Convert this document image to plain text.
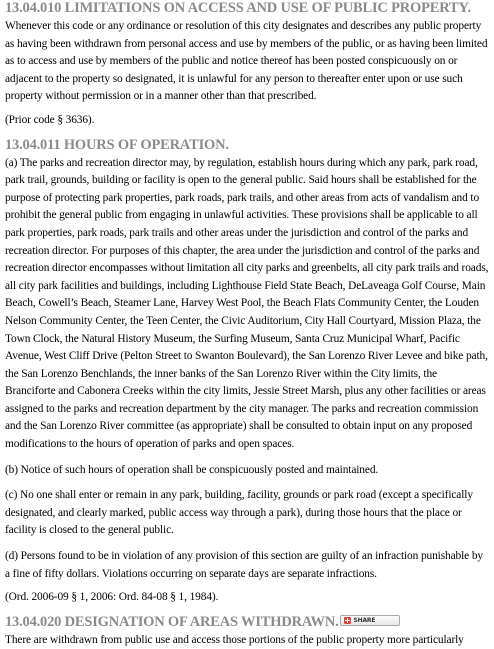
13.04.010 LIMITATIONS ON ACCESS AND USE OF PUBLIC PROPERTY.

Whenever this code or any ordinance or resolution of this city designates and describes any public property as having been withdrawn from personal access and use by members of the public, or as having been limited as to access and use by members of the public and notice thereof has been posted conspicuously on or adjacent to the property so designated, it is unlawful for any person to thereafter enter upon or use such property without permission or in a manner other than that prescribed.

(Prior code § 3636).

13.04.011 HOURS OF OPERATION.

(a) The parks and recreation director may, by regulation, establish hours during which any park, park road, park trail, grounds, building or facility is open to the general public. Said hours shall be established for the purpose of protecting park properties, park roads, park trails, and other areas from acts of vandalism and to prohibit the general public from engaging in unlawful activities. These provisions shall be applicable to all park properties, park roads, park trails and other areas under the jurisdiction and control of the parks and recreation director. For purposes of this chapter, the area under the jurisdiction and control of the parks and recreation director encompasses without limitation all city parks and greenbelts, all city park trails and roads, all city park facilities and buildings, including Lighthouse Field State Beach, DeLaveaga Golf Course, Main Beach, Cowell’s Beach, Steamer Lane, Harvey West Pool, the Beach Flats Community Center, the Louden Nelson Community Center, the Teen Center, the Civic Auditorium, City Hall Courtyard, Mission Plaza, the Town Clock, the Natural History Museum, the Surfing Museum, Santa Cruz Municipal Wharf, Pacific Avenue, West Cliff Drive (Pelton Street to Swanton Boulevard), the San Lorenzo River Levee and bike path, the San Lorenzo Benchlands, the inner banks of the San Lorenzo River within the City limits, the Branciforte and Cabonera Creeks within the city limits, Jessie Street Marsh, plus any other facilities or areas assigned to the parks and recreation department by the city manager. The parks and recreation commission and the San Lorenzo River committee (as appropriate) shall be consulted to obtain input on any proposed modifications to the hours of operation of parks and open spaces.

(b) Notice of such hours of operation shall be conspicuously posted and maintained.

(c) No one shall enter or remain in any park, building, facility, grounds or park road (except a specifically designated, and clearly marked, public access way through a park), during those hours that the place or facility is closed to the general public.

(d) Persons found to be in violation of any provision of this section are guilty of an infraction punishable by a fine of fifty dollars. Violations occurring on separate days are separate infractions.

(Ord. 2006-09 § 1, 2006: Ord. 84-08 § 1, 1984).

13.04.020 DESIGNATION OF AREAS WITHDRAWN.	SHARE

There are withdrawn from public use and access those portions of the public property more particularly
